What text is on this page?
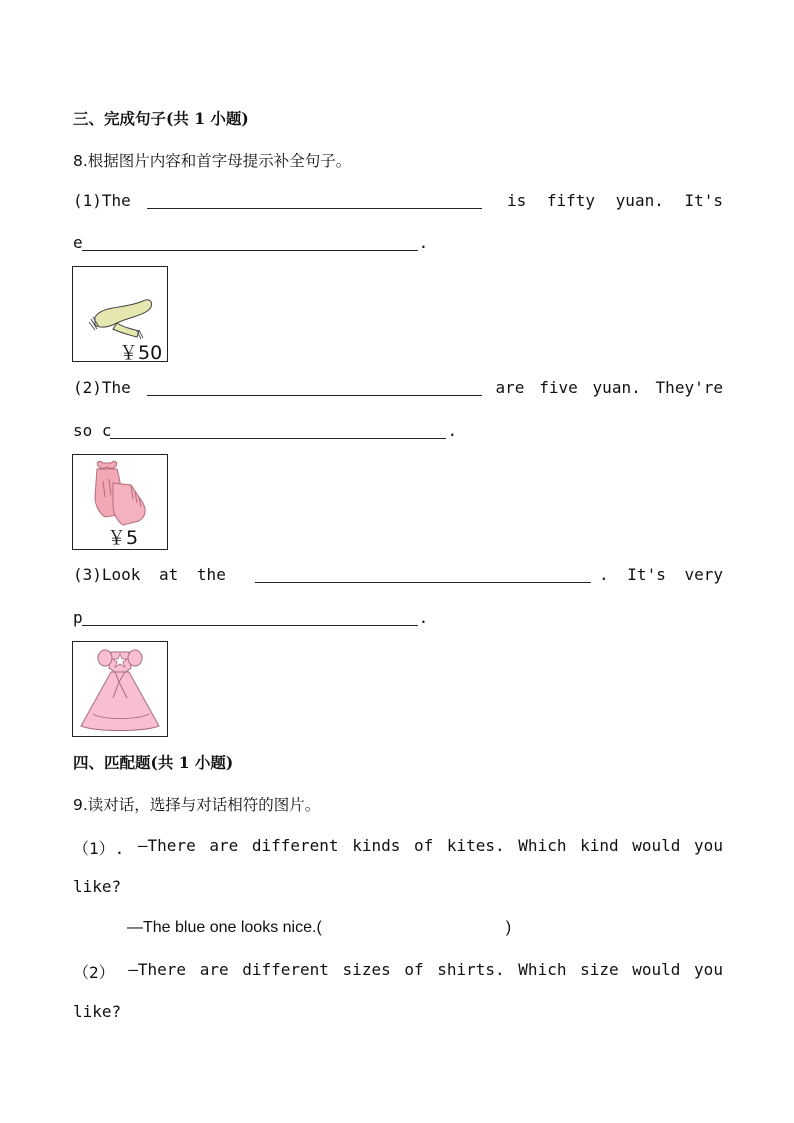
三、完成句子(共 1 小题)
8.根据图片内容和首字母提示补全句子。
(1)The	is fifty yuan. It's
e	.
￥50
(2)The	are five yuan. They're
so c	.
￥5
(3)Look at the	. It's very
p	.
四、匹配题(共 1 小题)
9.读对话，选择与对话相符的图片。
（1）. —There are different kinds of kites. Which kind would you
like?
—The blue one looks nice.(	)
（2） —There are different sizes of shirts. Which size would you
like?
